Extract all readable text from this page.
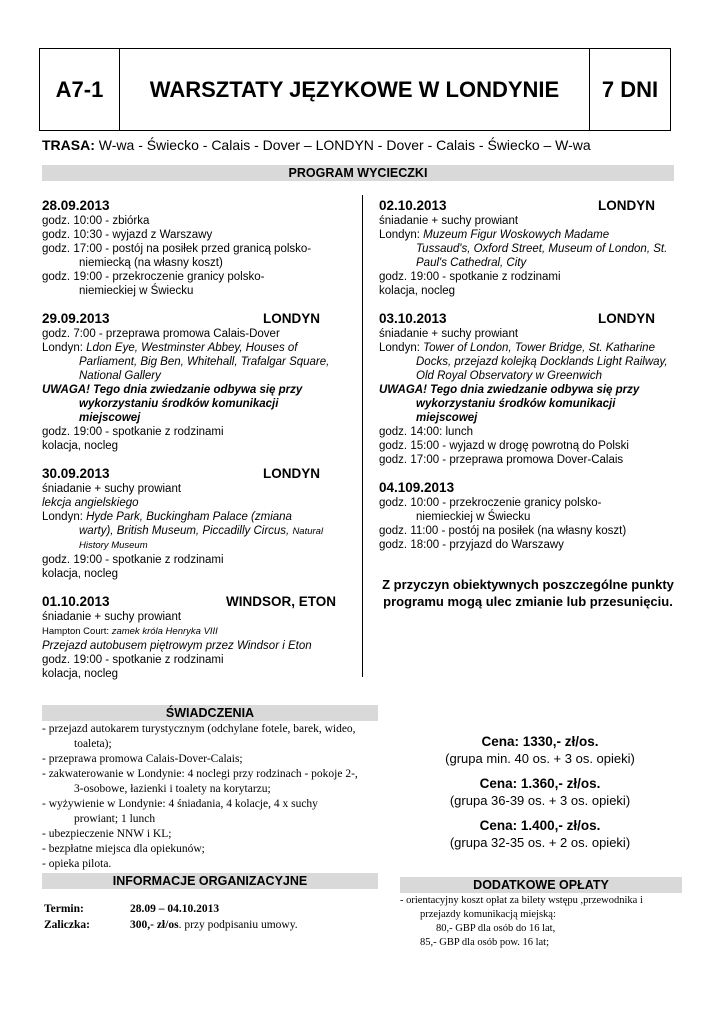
A7-1	WARSZTATY JĘZYKOWE W LONDYNIE	7 DNI
TRASA: W-wa - Świecko - Calais - Dover – LONDYN - Dover - Calais - Świecko – W-wa
PROGRAM WYCIECZKI
28.09.2013
godz. 10:00 - zbiórka
godz. 10:30 - wyjazd z Warszawy
godz. 17:00 - postój na posiłek przed granicą polsko-
niemiecką (na własny koszt)
godz. 19:00 - przekroczenie granicy polsko-
niemieckiej w Świecku
29.09.2013	LONDYN
godz. 7:00 - przeprawa promowa Calais-Dover
Londyn: Ldon Eye, Westminster Abbey, Houses of
Parliament, Big Ben, Whitehall, Trafalgar Square,
National Gallery
UWAGA! Tego dnia zwiedzanie odbywa się przy
wykorzystaniu środków komunikacji
miejscowej
godz. 19:00 - spotkanie z rodzinami
kolacja, nocleg
30.09.2013	LONDYN
śniadanie + suchy prowiant
lekcja angielskiego
Londyn: Hyde Park, Buckingham Palace (zmiana
warty), British Museum, Piccadilly Circus, Natural
History Museum
godz. 19:00 - spotkanie z rodzinami
kolacja, nocleg
01.10.2013	WINDSOR, ETON
śniadanie + suchy prowiant
Hampton Court: zamek króla Henryka VIII
Przejazd autobusem piętrowym przez Windsor i Eton
godz. 19:00 - spotkanie z rodzinami
kolacja, nocleg
02.10.2013	LONDYN
śniadanie + suchy prowiant
Londyn: Muzeum Figur Woskowych Madame
Tussaud's, Oxford Street, Museum of London, St.
Paul's Cathedral, City
godz. 19:00 - spotkanie z rodzinami
kolacja, nocleg
03.10.2013	LONDYN
śniadanie + suchy prowiant
Londyn: Tower of London, Tower Bridge, St. Katharine
Docks, przejazd kolejką Docklands Light Railway,
Old Royal Observatory w Greenwich
UWAGA! Tego dnia zwiedzanie odbywa się przy
wykorzystaniu środków komunikacji
miejscowej
godz. 14:00: lunch
godz. 15:00 - wyjazd w drogę powrotną do Polski
godz. 17:00 - przeprawa promowa Dover-Calais
04.109.2013
godz. 10:00 - przekroczenie granicy polsko-
niemieckiej w Świecku
godz. 11:00 - postój na posiłek (na własny koszt)
godz. 18:00 - przyjazd do Warszawy
Z przyczyn obiektywnych poszczególne punkty
programu mogą ulec zmianie lub przesunięciu.
ŚWIADCZENIA
- przejazd autokarem turystycznym (odchylane fotele, barek, wideo,
toaleta);
- przeprawa promowa Calais-Dover-Calais;
- zakwaterowanie w Londynie: 4 noclegi przy rodzinach - pokoje 2-,
3-osobowe, łazienki i toalety na korytarzu;
- wyżywienie w Londynie: 4 śniadania, 4 kolacje, 4 x suchy
prowiant; 1 lunch
- ubezpieczenie NNW i KL;
- bezpłatne miejsca dla opiekunów;
- opieka pilota.
Cena: 1330,- zł/os.
(grupa min. 40 os. + 3 os. opieki)
Cena: 1.360,- zł/os.
(grupa 36-39 os. + 3 os. opieki)
Cena: 1.400,- zł/os.
(grupa 32-35 os. + 2 os. opieki)
INFORMACJE ORGANIZACYJNE
Termin:	28.09 – 04.10.2013
Zaliczka:	300,- zł/os. przy podpisaniu umowy.
DODATKOWE OPŁATY
- orientacyjny koszt opłat za bilety wstępu ,przewodnika i
przejazdy komunikacją miejską:
80,- GBP dla osób do 16 lat,
85,- GBP dla osób pow. 16 lat;
